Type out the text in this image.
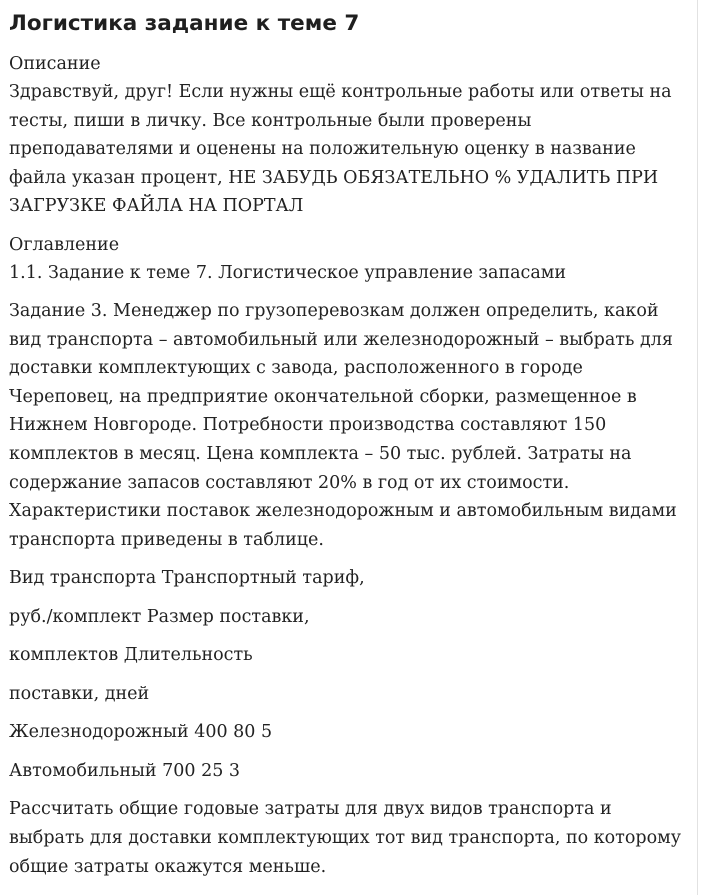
Логистика задание к теме 7
Описание

Здравствуй, друг! Если нужны ещё контрольные работы или ответы на тесты, пиши в личку. Все контрольные были проверены преподавателями и оценены на положительную оценку в название файла указан процент, НЕ ЗАБУДЬ ОБЯЗАТЕЛЬНО % УДАЛИТЬ ПРИ ЗАГРУЗКЕ ФАЙЛА НА ПОРТАЛ

Оглавление
1.1. Задание к теме 7. Логистическое управление запасами

Задание 3. Менеджер по грузоперевозкам должен определить, какой вид транспорта – автомобильный или железнодорожный – выбрать для доставки комплектующих с завода, расположенного в городе Череповец, на предприятие окончательной сборки, размещенное в Нижнем Новгороде. Потребности производства составляют 150 комплектов в месяц. Цена комплекта – 50 тыс. рублей. Затраты на содержание запасов составляют 20% в год от их стоимости. Характеристики поставок железнодорожным и автомобильным видами транспорта приведены в таблице.

Вид транспорта Транспортный тариф,
руб./комплект Размер поставки,
комплектов Длительность
поставки, дней
Железнодорожный 400 80 5
Автомобильный 700 25 3

Рассчитать общие годовые затраты для двух видов транспорта и выбрать для доставки комплектующих тот вид транспорта, по которому общие затраты окажутся меньше.
